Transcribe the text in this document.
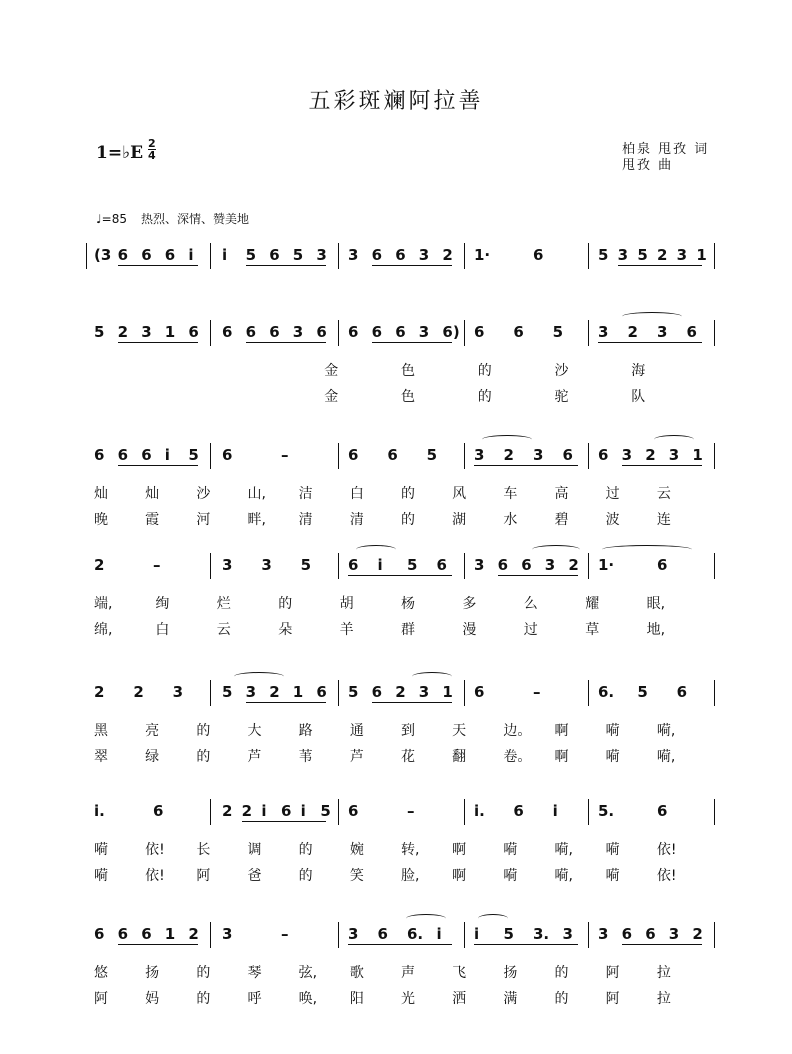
五彩斑斓阿拉善
1=♭E $\frac{2}{4}$	柏泉 甩孜 词
甩孜 曲
♩=85 热烈、深情、赞美地
(3 6 6 6 i i 5 6 5 3 3 6 6 3 2 1·	6	5 3 5 2 3 1
5 2 3 1 6 6 6 6 3 6 6 6 6 3 6) 6 6 5 3 2 3 6
金	色	的	沙	海
金	色	的	驼	队
6 6 6 i 5 6	–	6 6 5 3 2 3 6 6 3 2 3 1
灿	灿	沙	山, 洁	白	的	风	车	高	过	云
晚	霞	河	畔, 清	清	的	湖	水	碧	波	连
2	–	3 3 5 6 i 5 6 3 6 6 3 2 1·	6
端,	绚	烂	的	胡	杨	多	么	耀	眼,
绵,	白	云	朵	羊	群	漫	过	草	地,
2 2 3	5 3 2 1 6 5 6 2 3 1 6	–	6. 5 6
黑	亮	的	大	路	通	到	天	边。 啊	嗬	嗬,
翠	绿	的	芦	苇	芦	花	翻	卷。 啊	嗬	嗬,
i.	6	2 2 i 6 i 5 6	–	i. 6 i	5.	6
嗬	依! 长	调	的	婉	转, 啊	嗬	嗬, 嗬	依!
嗬	依! 阿	爸	的	笑	脸, 啊	嗬	嗬, 嗬	依!
6 6 6 1 2 3	–	3 6 6. i i 5 3. 3 3 6 6 3 2
悠	扬	的	琴	弦, 歌	声	飞	扬	的	阿	拉
阿	妈	的	呼	唤, 阳	光	洒	满	的	阿	拉
